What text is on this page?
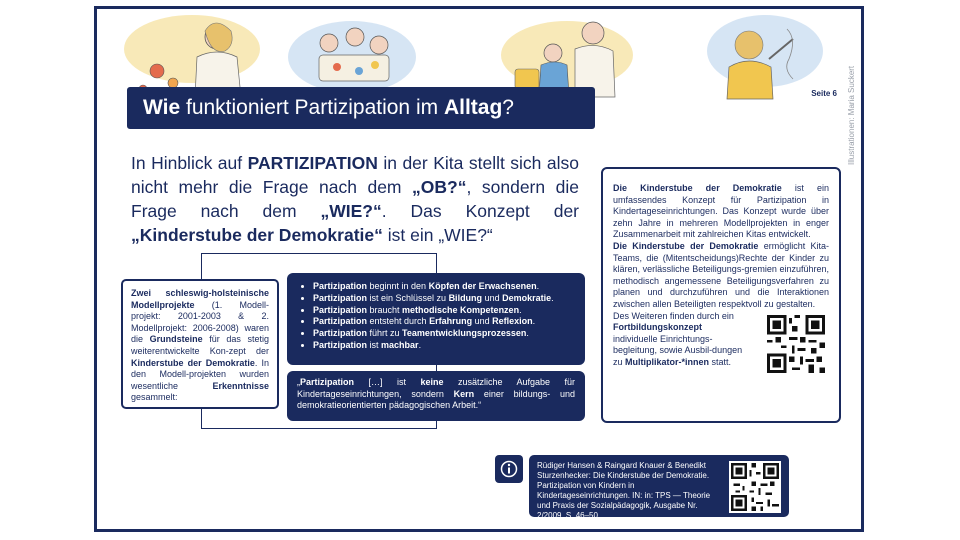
Illustrationen: Maria Suckert
Seite 6
Wie funktioniert Partizipation im Alltag?
In Hinblick auf PARTIZIPATION in der Kita stellt sich also nicht mehr die Frage nach dem „OB?“, sondern die Frage nach dem „WIE?“. Das Konzept der „Kinderstube der Demokratie“ ist ein „WIE?“
Zwei schleswig-holsteinische Modellprojekte (1. Modell-projekt: 2001-2003 & 2. Modellprojekt: 2006-2008) waren die Grundsteine für das stetig weiterentwickelte Kon-zept der Kinderstube der Demokratie. In den Modell-projekten wurden wesentliche Erkenntnisse gesammelt:
• Partizipation beginnt in den Köpfen der Erwachsenen.
• Partizipation ist ein Schlüssel zu Bildung und Demokratie.
• Partizipation braucht methodische Kompetenzen.
• Partizipation entsteht durch Erfahrung und Reflexion.
• Partizipation führt zu Teamentwicklungsprozessen.
• Partizipation ist machbar.
„Partizipation […] ist keine zusätzliche Aufgabe für Kindertageseinrichtungen, sondern Kern einer bildungs- und demokratieorientierten pädagogischen Arbeit.“

Die Kinderstube der Demokratie ist ein umfassendes Konzept für Partizipation in Kindertageseinrichtungen. Das Konzept wurde über zehn Jahre in mehreren Modellprojekten in enger Zusammenarbeit mit zahlreichen Kitas entwickelt.

Die Kinderstube der Demokratie ermöglicht Kita-Teams, die (Mitentscheidungs)Rechte der Kinder zu klären, verlässliche Beteiligungs-gremien einzuführen, methodisch angemessene Beteiligungsverfahren zu planen und durchzuführen und die Interaktionen zwischen allen Beteiligten respektvoll zu gestalten.

Des Weiteren finden durch ein Fortbildungskonzept individuelle Einrichtungs-begleitung, sowie Ausbil-dungen zu Multiplikator-*innen statt.

Rüdiger Hansen & Raingard Knauer & Benedikt Sturzenhecker: Die Kinderstube der Demokratie. Partizipation von Kindern in Kindertageseinrichtungen. IN: in: TPS — Theorie und Praxis der Sozialpädagogik, Ausgabe Nr. 2/2009, S. 46–50.
